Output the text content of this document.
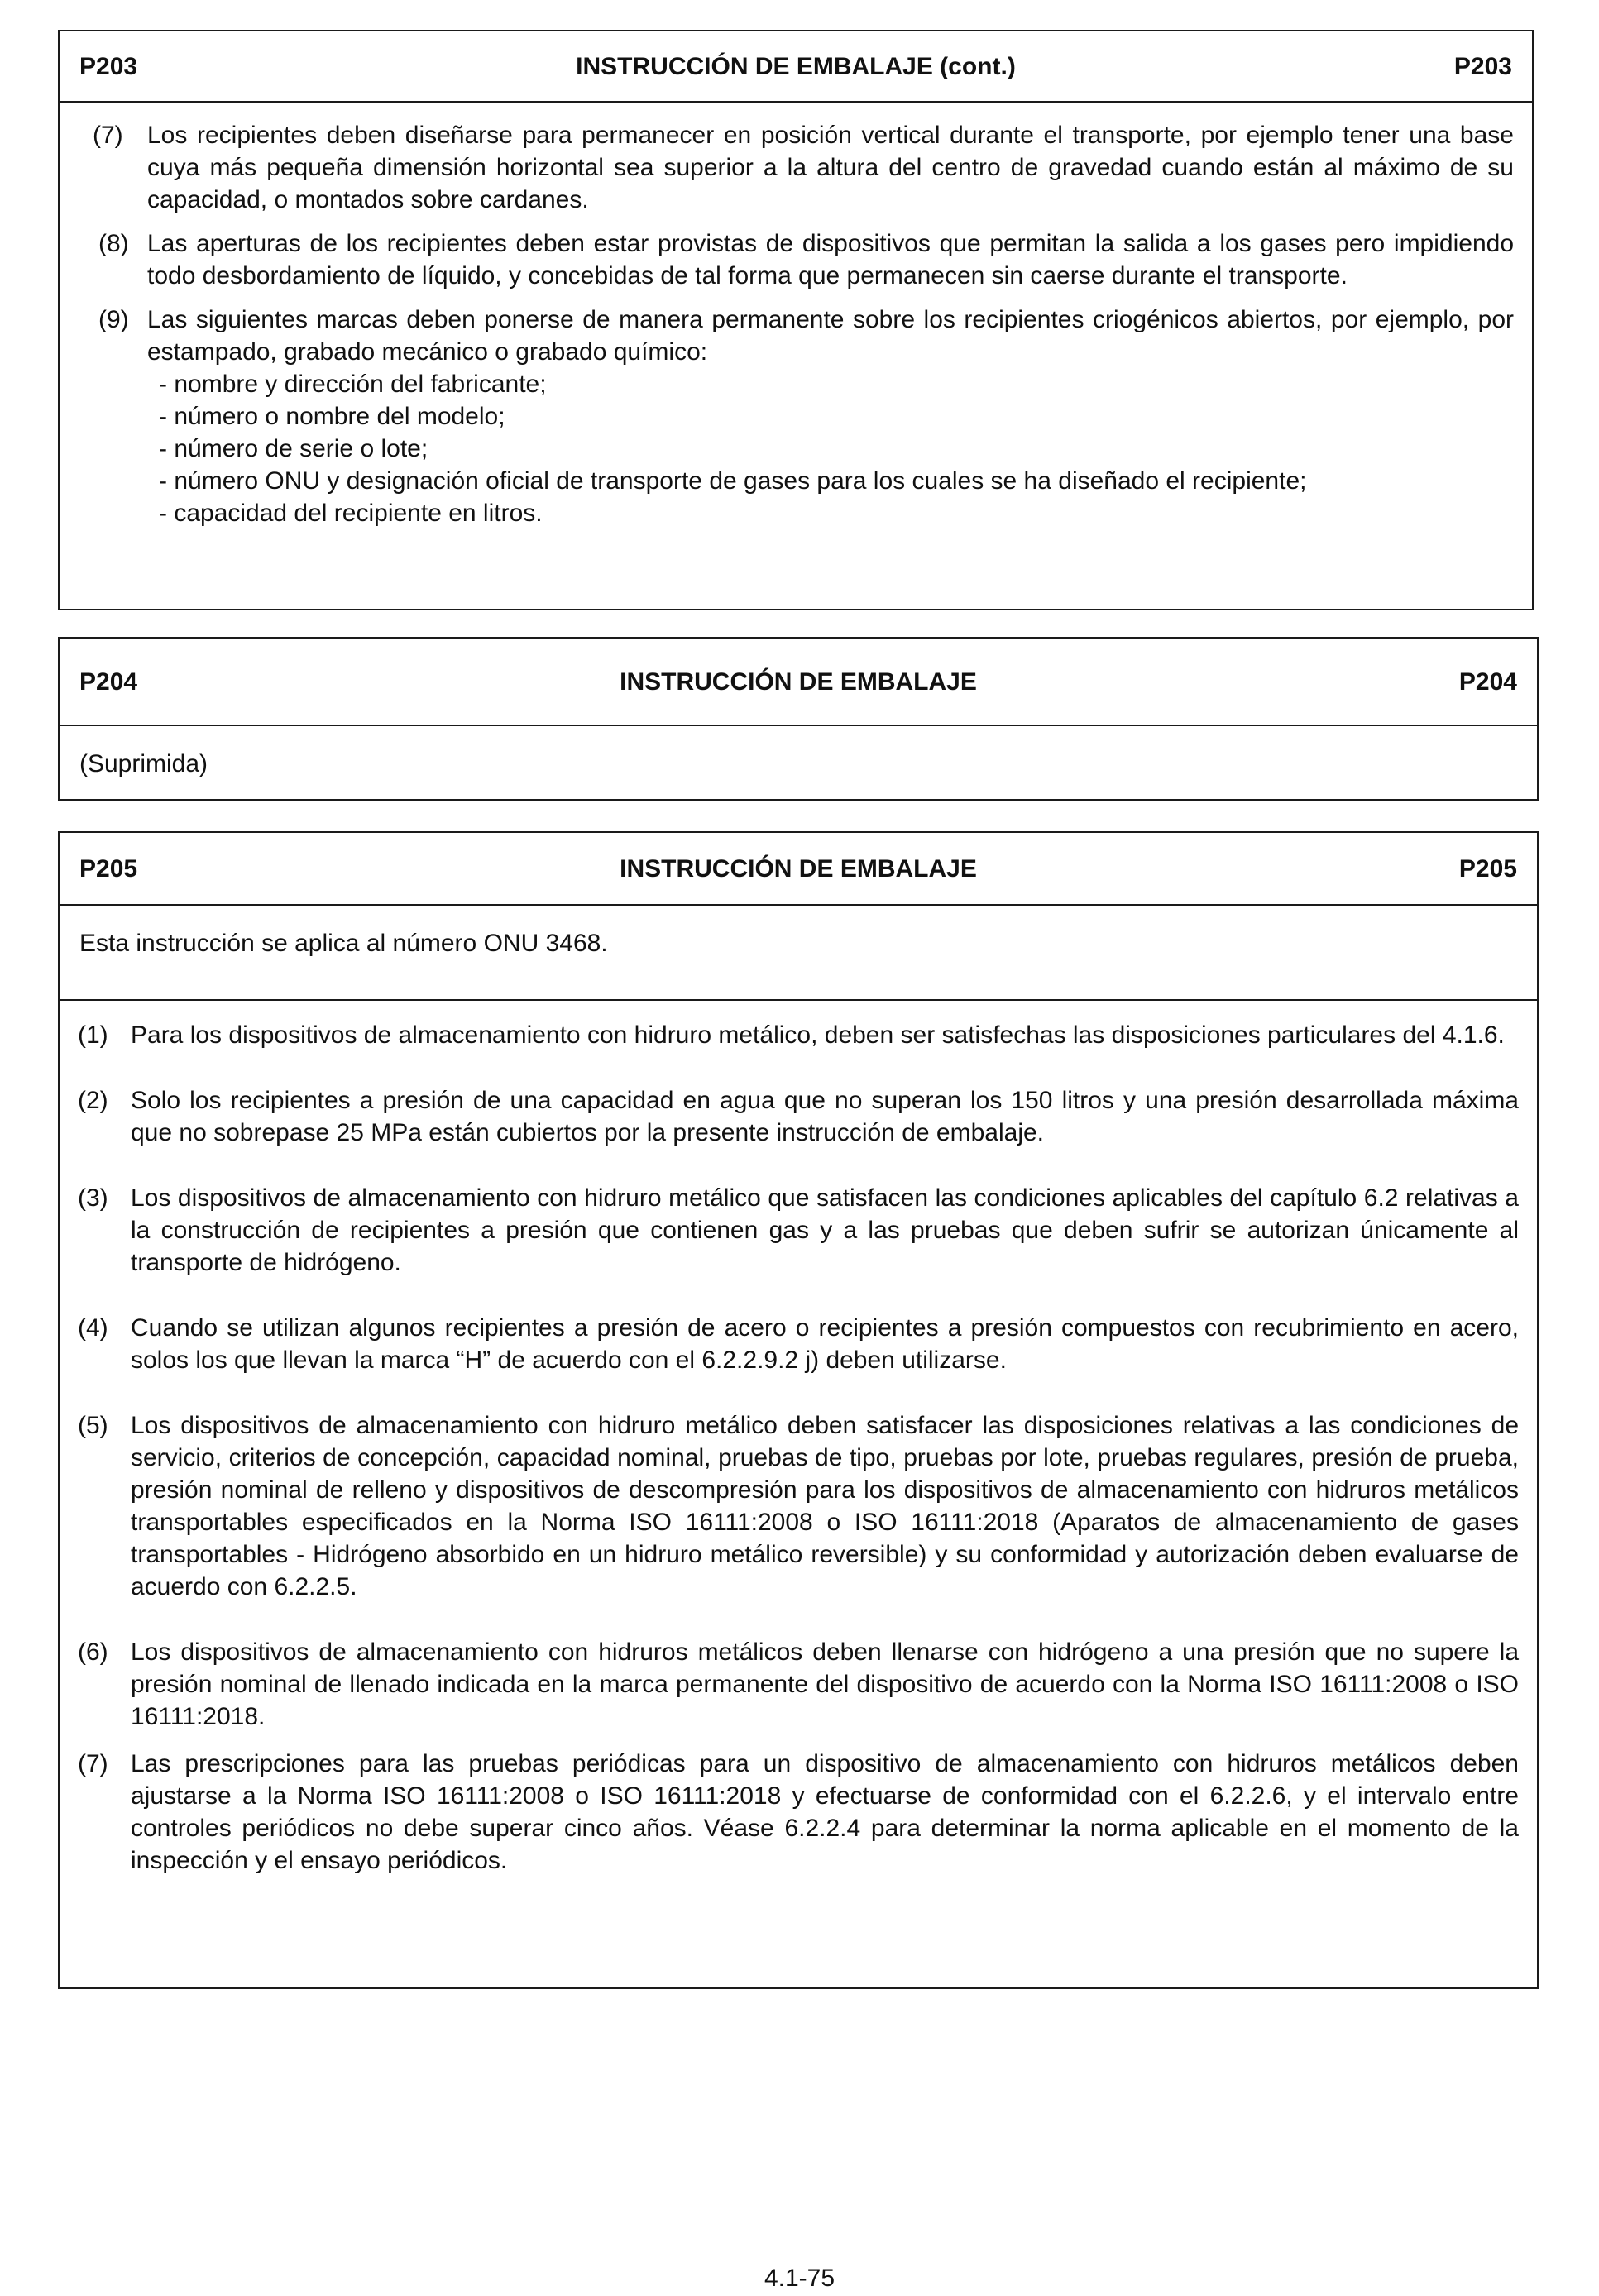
P203	INSTRUCCIÓN DE EMBALAJE (cont.)	P203
(7) Los recipientes deben diseñarse para permanecer en posición vertical durante el transporte, por ejemplo tener una base cuya más pequeña dimensión horizontal sea superior a la altura del centro de gravedad cuando están al máximo de su capacidad, o montados sobre cardanes.
(8) Las aperturas de los recipientes deben estar provistas de dispositivos que permitan la salida a los gases pero impidiendo todo desbordamiento de líquido, y concebidas de tal forma que permanecen sin caerse durante el transporte.
(9) Las siguientes marcas deben ponerse de manera permanente sobre los recipientes criogénicos abiertos, por ejemplo, por estampado, grabado mecánico o grabado químico:
- nombre y dirección del fabricante;
- número o nombre del modelo;
- número de serie o lote;
- número ONU y designación oficial de transporte de gases para los cuales se ha diseñado el recipiente;
- capacidad del recipiente en litros.
P204	INSTRUCCIÓN DE EMBALAJE	P204
(Suprimida)
P205	INSTRUCCIÓN DE EMBALAJE	P205
Esta instrucción se aplica al número ONU 3468.
(1) Para los dispositivos de almacenamiento con hidruro metálico, deben ser satisfechas las disposiciones particulares del 4.1.6.
(2) Solo los recipientes a presión de una capacidad en agua que no superan los 150 litros y una presión desarrollada máxima que no sobrepase 25 MPa están cubiertos por la presente instrucción de embalaje.
(3) Los dispositivos de almacenamiento con hidruro metálico que satisfacen las condiciones aplicables del capítulo 6.2 relativas a la construcción de recipientes a presión que contienen gas y a las pruebas que deben sufrir se autorizan únicamente al transporte de hidrógeno.
(4) Cuando se utilizan algunos recipientes a presión de acero o recipientes a presión compuestos con recubrimiento en acero, solos los que llevan la marca “H” de acuerdo con el 6.2.2.9.2 j) deben utilizarse.
(5) Los dispositivos de almacenamiento con hidruro metálico deben satisfacer las disposiciones relativas a las condiciones de servicio, criterios de concepción, capacidad nominal, pruebas de tipo, pruebas por lote, pruebas regulares, presión de prueba, presión nominal de relleno y dispositivos de descompresión para los dispositivos de almacenamiento con hidruros metálicos transportables especificados en la Norma ISO 16111:2008 o ISO 16111:2018 (Aparatos de almacenamiento de gases transportables - Hidrógeno absorbido en un hidruro metálico reversible) y su conformidad y autorización deben evaluarse de acuerdo con 6.2.2.5.
(6) Los dispositivos de almacenamiento con hidruros metálicos deben llenarse con hidrógeno a una presión que no supere la presión nominal de llenado indicada en la marca permanente del dispositivo de acuerdo con la Norma ISO 16111:2008 o ISO 16111:2018.
(7) Las prescripciones para las pruebas periódicas para un dispositivo de almacenamiento con hidruros metálicos deben ajustarse a la Norma ISO 16111:2008 o ISO 16111:2018 y efectuarse de conformidad con el 6.2.2.6, y el intervalo entre controles periódicos no debe superar cinco años. Véase 6.2.2.4 para determinar la norma aplicable en el momento de la inspección y el ensayo periódicos.
4.1-75
